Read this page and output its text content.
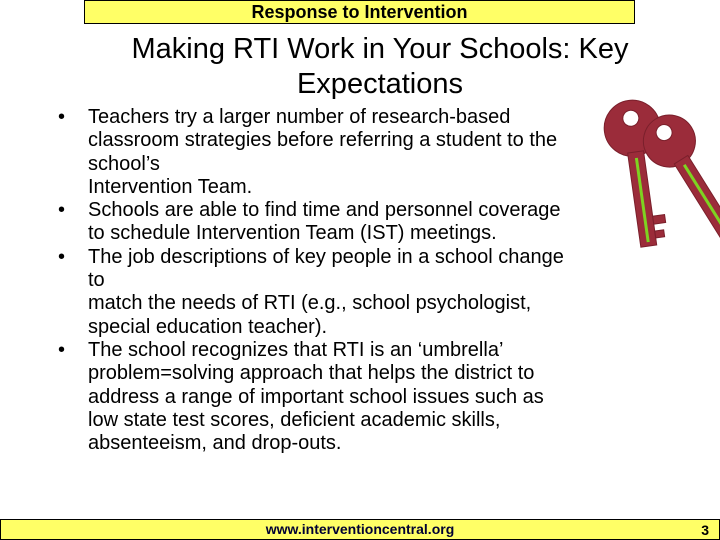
Response to Intervention
Making RTI Work in Your Schools: Key
Expectations
• Teachers try a larger number of research-based
classroom strategies before referring a student to the
school’s
Intervention Team.
• Schools are able to find time and personnel coverage
to schedule Intervention Team (IST) meetings.
• The job descriptions of key people in a school change
to
match the needs of RTI (e.g., school psychologist,
special education teacher).
• The school recognizes that RTI is an ‘umbrella’
problem=solving approach that helps the district to
address a range of important school issues such as
low state test scores, deficient academic skills,
absenteeism, and drop-outs.
www.interventioncentral.org	3
